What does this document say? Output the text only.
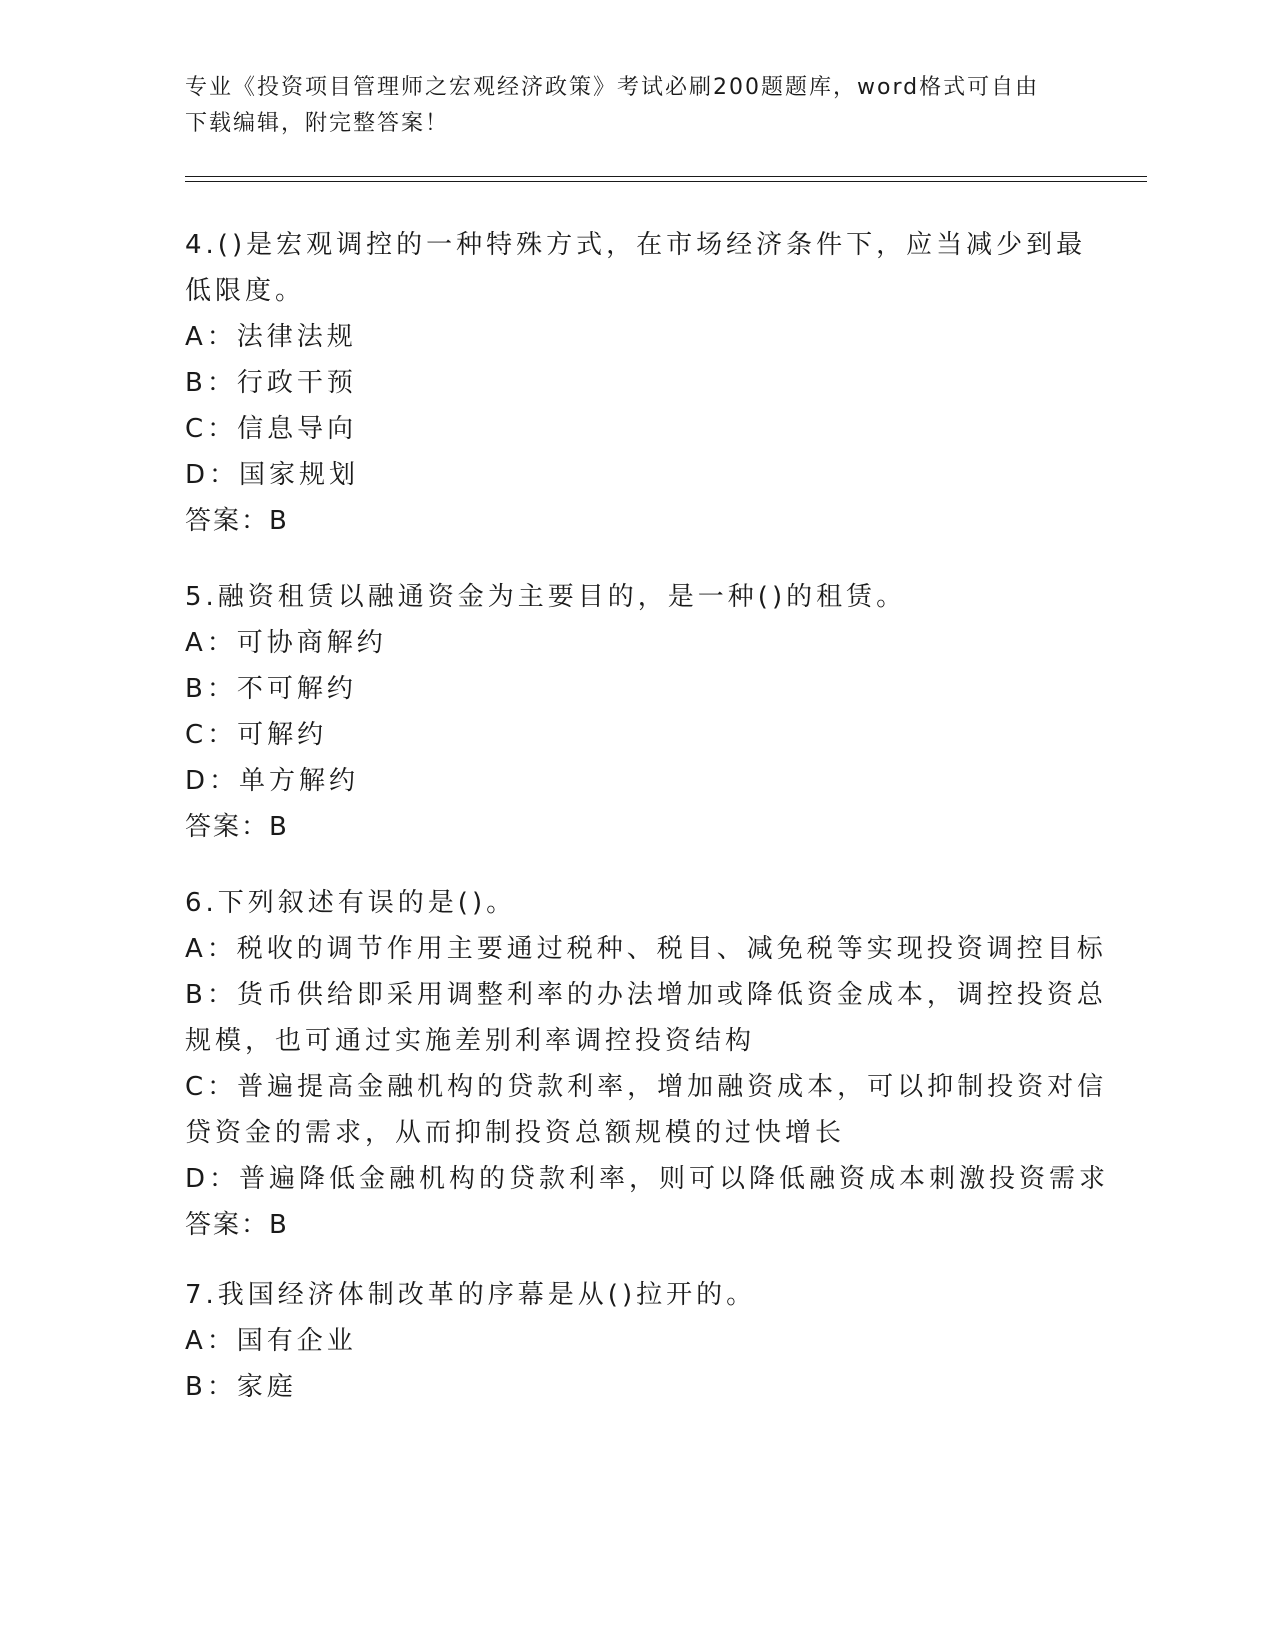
专业《投资项目管理师之宏观经济政策》考试必刷200题题库，word格式可自由
下载编辑，附完整答案！
4.()是宏观调控的一种特殊方式，在市场经济条件下，应当减少到最
低限度。
A：法律法规
B：行政干预
C：信息导向
D：国家规划
答案：B
5.融资租赁以融通资金为主要目的，是一种()的租赁。
A：可协商解约
B：不可解约
C：可解约
D：单方解约
答案：B
6.下列叙述有误的是()。
A：税收的调节作用主要通过税种、税目、减免税等实现投资调控目标
B：货币供给即采用调整利率的办法增加或降低资金成本，调控投资总
规模，也可通过实施差别利率调控投资结构
C：普遍提高金融机构的贷款利率，增加融资成本，可以抑制投资对信
贷资金的需求，从而抑制投资总额规模的过快增长
D：普遍降低金融机构的贷款利率，则可以降低融资成本刺激投资需求
答案：B
7.我国经济体制改革的序幕是从()拉开的。
A：国有企业
B：家庭
